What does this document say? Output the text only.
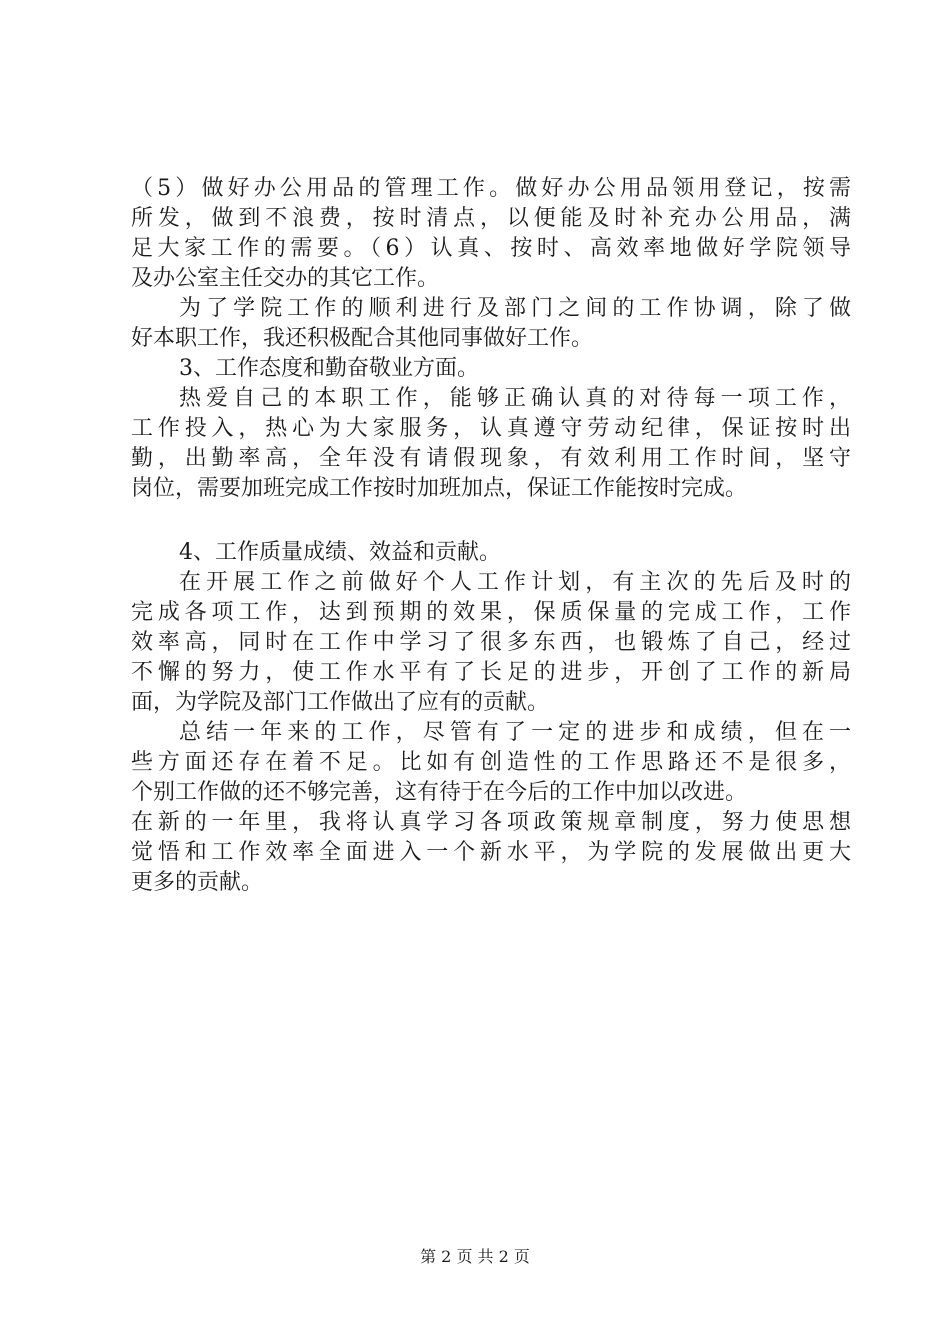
（5）做好办公用品的管理工作。做好办公用品领用登记，按需
所发，做到不浪费，按时清点，以便能及时补充办公用品，满
足大家工作的需要。（6）认真、按时、高效率地做好学院领导
及办公室主任交办的其它工作。
为了学院工作的顺利进行及部门之间的工作协调，除了做
好本职工作，我还积极配合其他同事做好工作。
3、工作态度和勤奋敬业方面。
热爱自己的本职工作，能够正确认真的对待每一项工作，
工作投入，热心为大家服务，认真遵守劳动纪律，保证按时出
勤，出勤率高，全年没有请假现象，有效利用工作时间，坚守
岗位，需要加班完成工作按时加班加点，保证工作能按时完成。
4、工作质量成绩、效益和贡献。
在开展工作之前做好个人工作计划，有主次的先后及时的
完成各项工作，达到预期的效果，保质保量的完成工作，工作
效率高，同时在工作中学习了很多东西，也锻炼了自己，经过
不懈的努力，使工作水平有了长足的进步，开创了工作的新局
面，为学院及部门工作做出了应有的贡献。
总结一年来的工作，尽管有了一定的进步和成绩，但在一
些方面还存在着不足。比如有创造性的工作思路还不是很多，
个别工作做的还不够完善，这有待于在今后的工作中加以改进。
在新的一年里，我将认真学习各项政策规章制度，努力使思想
觉悟和工作效率全面进入一个新水平，为学院的发展做出更大
更多的贡献。
第 2 页 共 2 页
